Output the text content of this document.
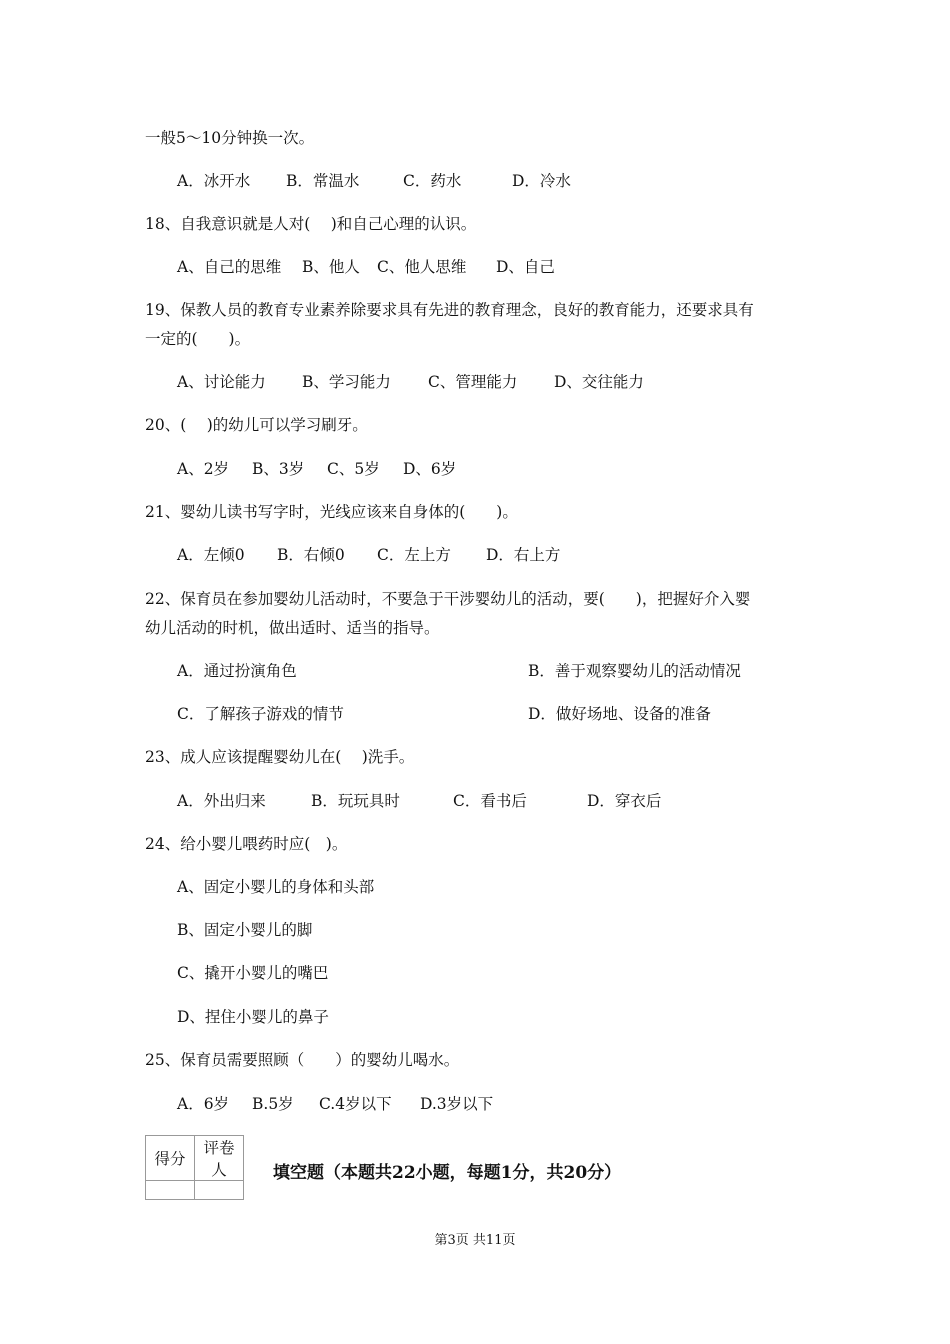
一般5～10分钟换一次。
A．冰开水 B．常温水	C．药水	D．冷水
18、自我意识就是人对(　 )和自己心理的认识。
A、自己的思维 B、他人 C、他人思维 D、自己
19、保教人员的教育专业素养除要求具有先进的教育理念，良好的教育能力，还要求具有
一定的(　　)。
A、讨论能力 B、学习能力 C、管理能力 D、交往能力
20、(　 )的幼儿可以学习刷牙。
A、2岁 B、3岁 C、5岁 D、6岁
21、婴幼儿读书写字时，光线应该来自身体的(　　)。
A．左倾0 B．右倾0 C．左上方 D．右上方
22、保育员在参加婴幼儿活动时，不要急于干涉婴幼儿的活动，要(　　)，把握好介入婴
幼儿活动的时机，做出适时、适当的指导。
A．通过扮演角色	B．善于观察婴幼儿的活动情况
C．了解孩子游戏的情节	D．做好场地、设备的准备
23、成人应该提醒婴幼儿在(　 )洗手。
A．外出归来	B．玩玩具时	C．看书后	D．穿衣后
24、给小婴儿喂药时应(　)。
A、固定小婴儿的身体和头部
B、固定小婴儿的脚
C、撬开小婴儿的嘴巴
D、捏住小婴儿的鼻子
25、保育员需要照顾（　　）的婴幼儿喝水。
A．6岁 B.5岁 C.4岁以下 D.3岁以下
得分	评卷人
		填空题（本题共22小题，每题1分，共20分）
第3页 共11页
